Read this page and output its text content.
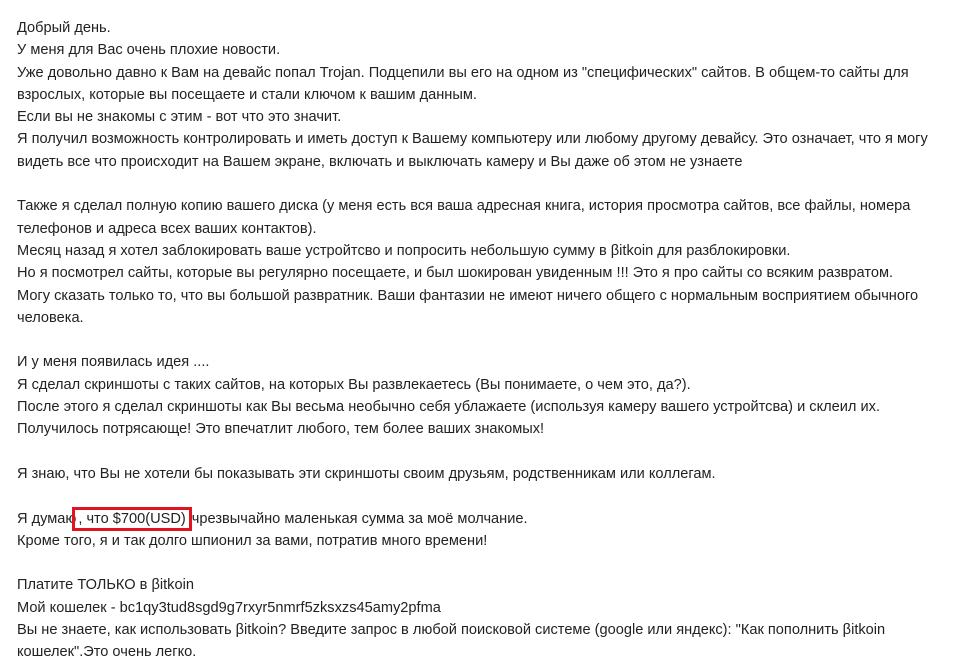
Добрый день.

У меня для Вас очень плохие новости.

Уже довольно давно к Вам на девайс попал Trojan. Подцепили вы его на одном из "специфических" сайтов. В общем-то сайты для взрослых, которые вы посещаете и стали ключом к вашим данным.

Если вы не знакомы с этим - вот что это значит.

Я получил возможность контролировать и иметь доступ к Вашему компьютеру или любому другому девайсу. Это означает, что я могу видеть все что происходит на Вашем экране, включать и выключать камеру и Вы даже об этом не узнаете

Также я сделал полную копию вашего диска (у меня есть вся ваша адресная книга, история просмотра сайтов, все файлы, номера телефонов и адреса всех ваших контактов).

Месяц назад я хотел заблокировать ваше устройтсво и попросить небольшую сумму в βitkoin для разблокировки.

Но я посмотрел сайты, которые вы регулярно посещаете, и был шокирован увиденным !!! Это я про сайты со всяким развратом.

Могу сказать только то, что вы большой развратник. Ваши фантазии не имеют ничего общего с нормальным восприятием обычного человека.

И у меня появилась идея ....

Я сделал скриншоты с таких сайтов, на которых Вы развлекаетесь (Вы понимаете, о чем это, да?).

После этого я сделал скриншоты как Вы весьма необычно себя ублажаете (используя камеру вашего устройтсва) и склеил их.

Получилось потрясающе! Это впечатлит любого, тем более ваших знакомых!

Я знаю, что Вы не хотели бы показывать эти скриншоты своим друзьям, родственникам или коллегам.

Я думаю , что $700(USD) чрезвычайно маленькая сумма за моё молчание.

Кроме того, я и так долго шпионил за вами, потратив много времени!

Платите ТОЛЬКО в βitkoin

Мой кошелек - bc1qy3tud8sgd9g7rxyr5nmrf5zksxzs45amy2pfma

Вы не знаете, как использовать βitkoin? Введите запрос в любой поисковой системе (google или яндекс): "Как пополнить βitkoin кошелек".Это очень легко.
